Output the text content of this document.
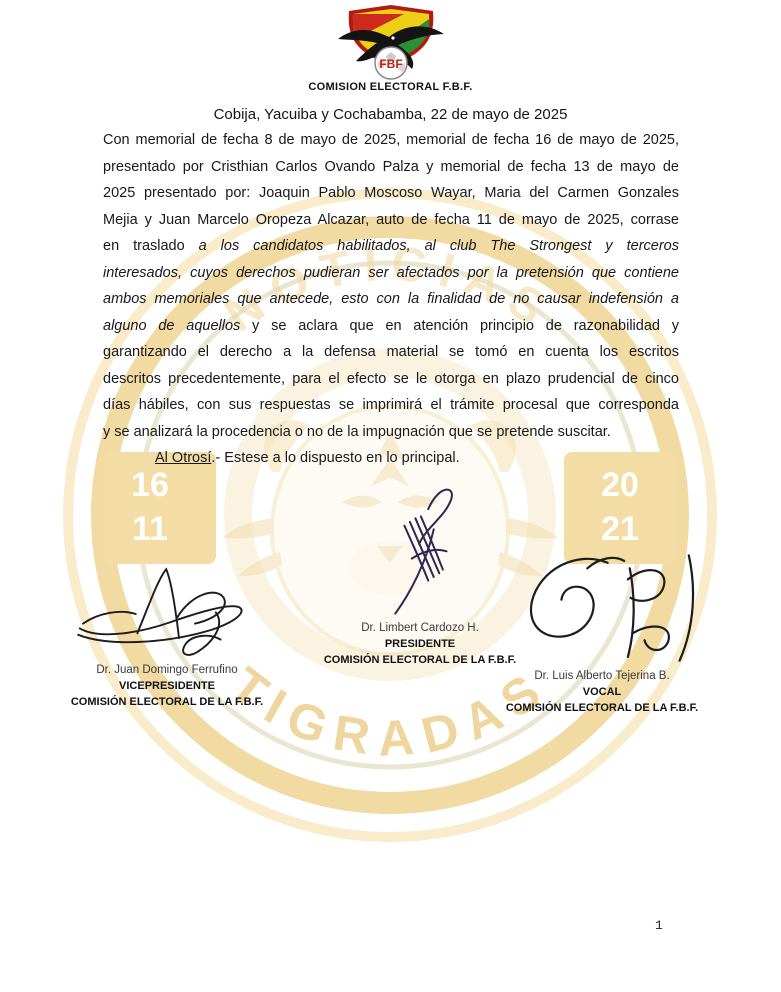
16
11
20
21
NOTICIAS
TIGRADAS
FBF
COMISION ELECTORAL F.B.F.
Cobija, Yacuiba y Cochabamba, 22 de mayo de 2025
Con memorial de fecha 8 de mayo de 2025, memorial de fecha 16 de mayo de 2025,
presentado por Cristhian Carlos Ovando Palza y memorial de fecha 13 de mayo de
2025 presentado por: Joaquin Pablo Moscoso Wayar, Maria del Carmen Gonzales
Mejia y Juan Marcelo Oropeza Alcazar, auto de fecha 11 de mayo de 2025, corrase
en traslado a los candidatos habilitados, al club The Strongest y terceros
interesados, cuyos derechos pudieran ser afectados por la pretensión que contiene
ambos memoriales que antecede, esto con la finalidad de no causar indefensión a
alguno de aquellos y se aclara que en atención principio de razonabilidad y
garantizando el derecho a la defensa material se tomó en cuenta los escritos
descritos precedentemente, para el efecto se le otorga en plazo prudencial de cinco
días hábiles, con sus respuestas se imprimirá el trámite procesal que corresponda
y se analizará la procedencia o no de la impugnación que se pretende suscitar.
Al Otrosí.- Estese a lo dispuesto en lo principal.
Dr. Juan Domingo Ferrufino
VICEPRESIDENTE
COMISIÓN ELECTORAL DE LA F.B.F.
Dr. Limbert Cardozo H.
PRESIDENTE
COMISIÓN ELECTORAL DE LA F.B.F.
Dr. Luis Alberto Tejerina B.
VOCAL
COMISIÓN ELECTORAL DE LA F.B.F.
1
